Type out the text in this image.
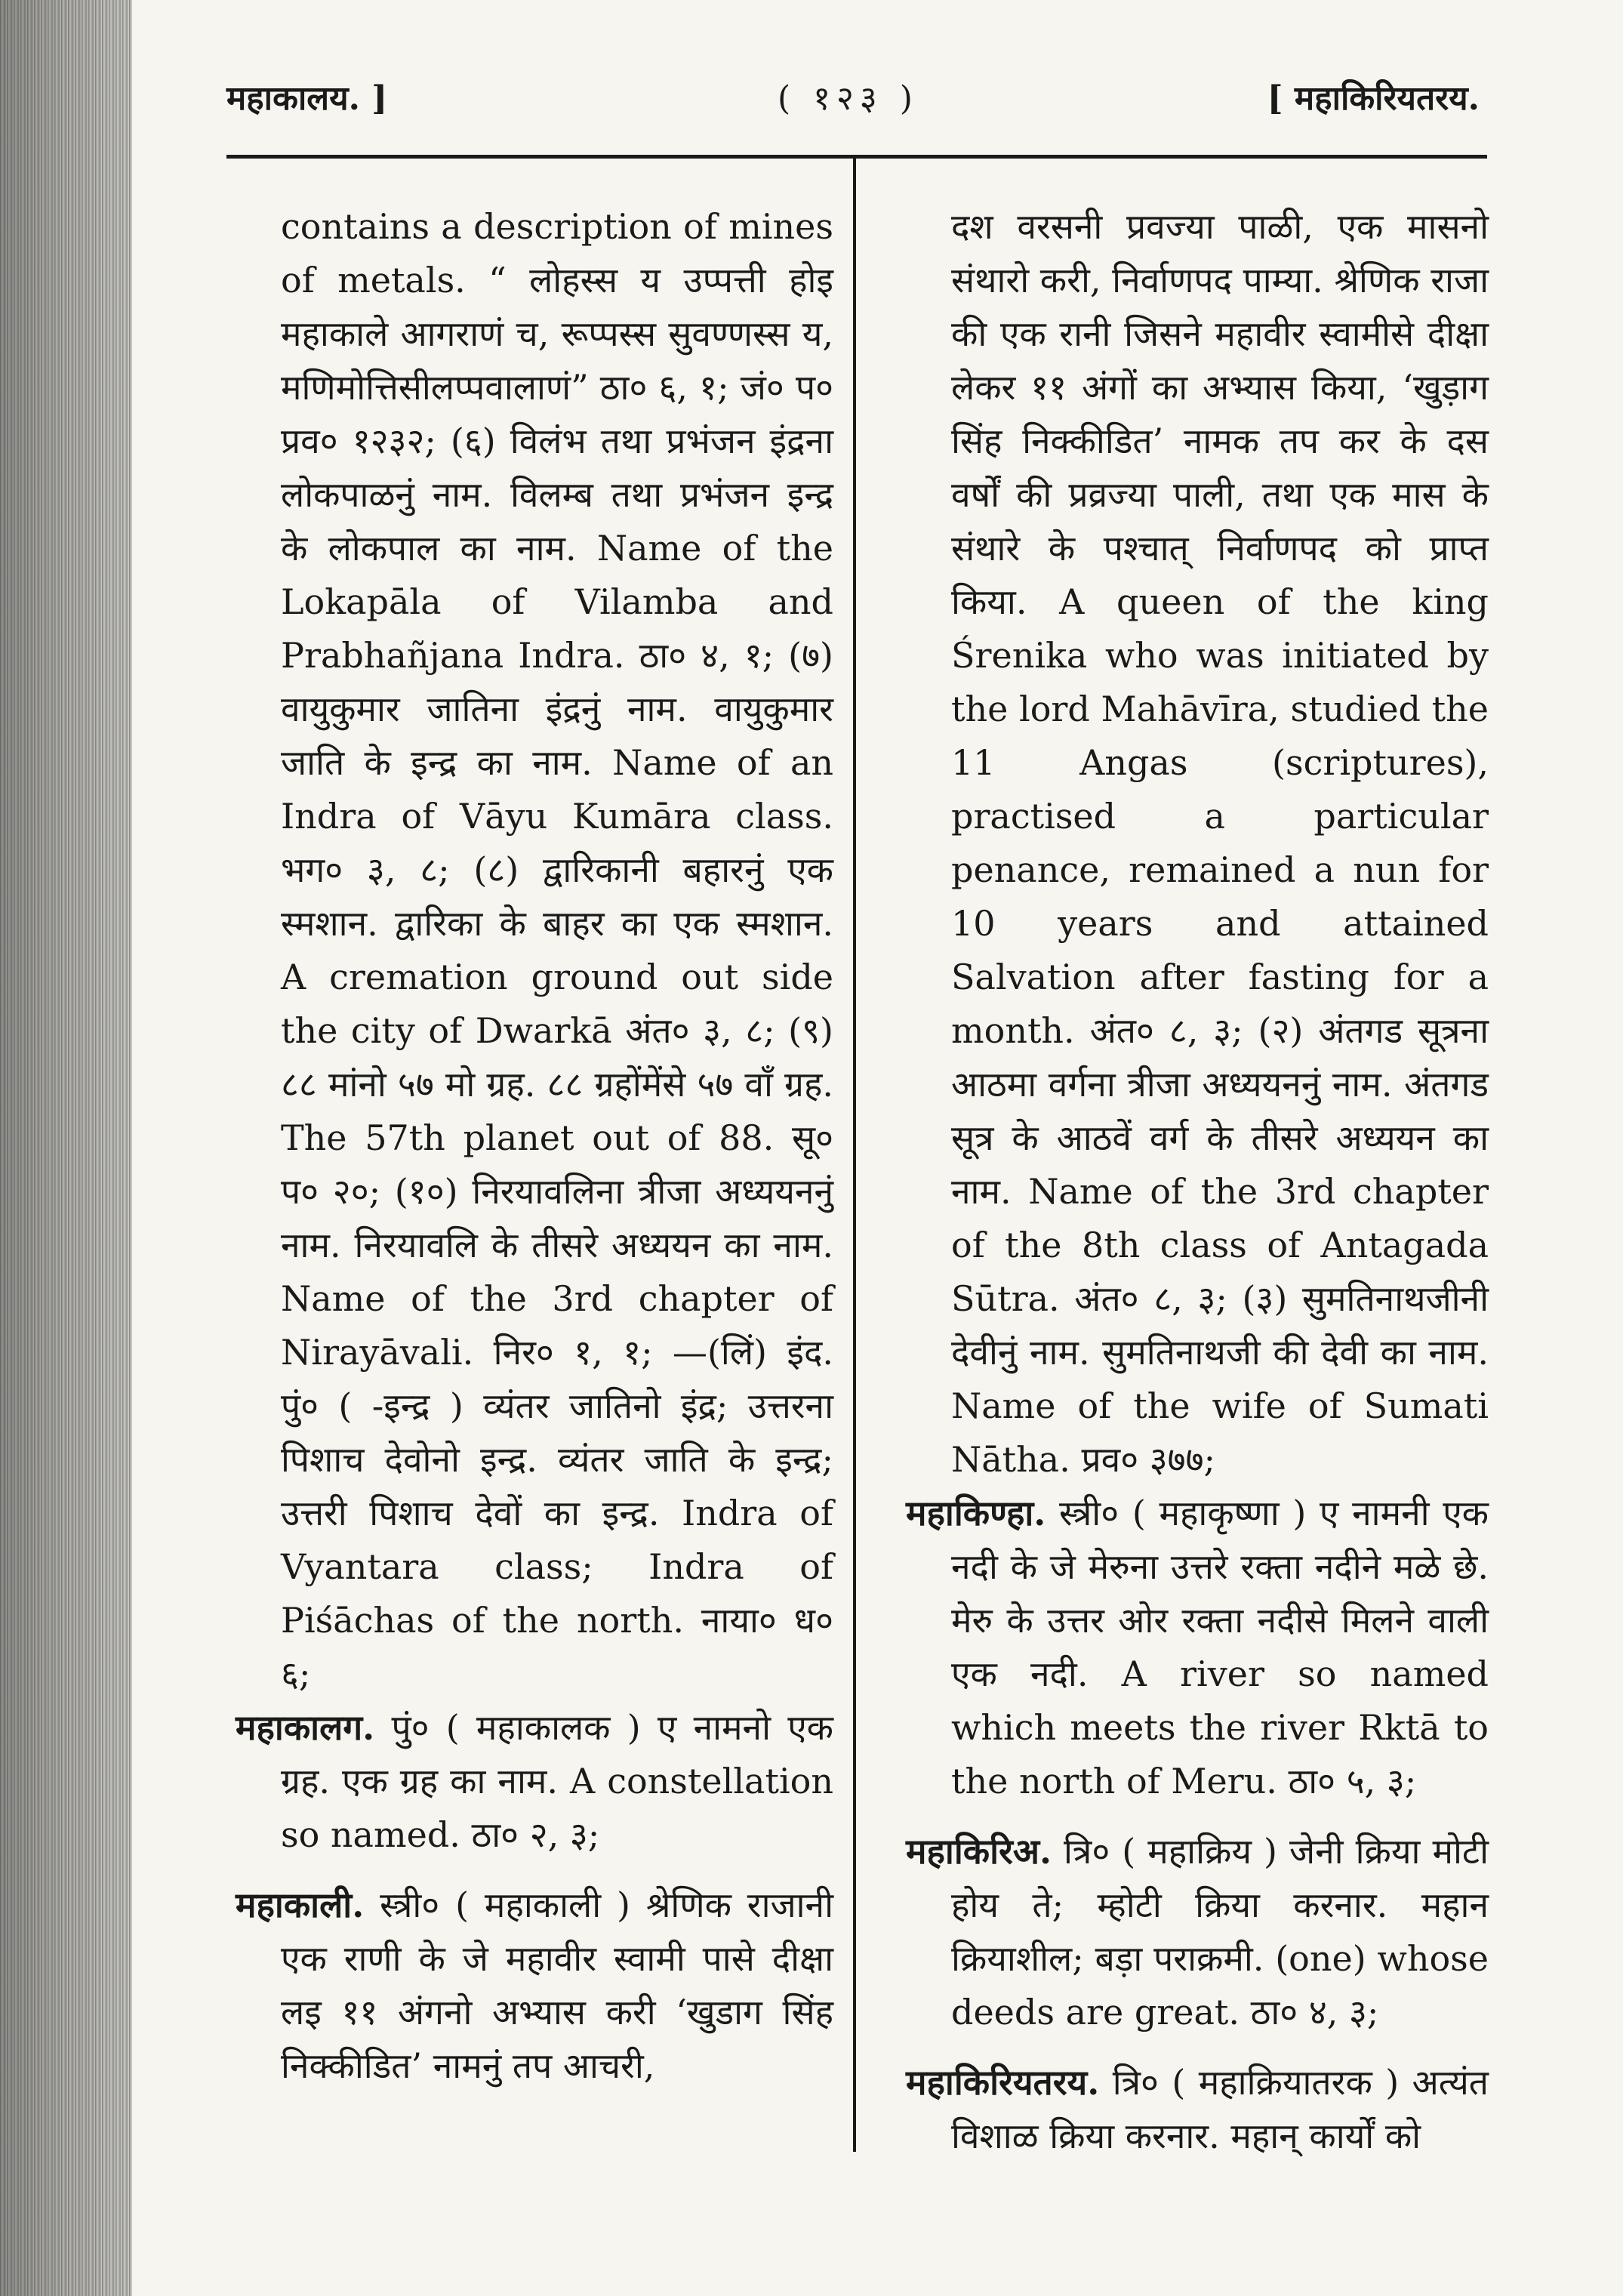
महाकालय. ]	( १२३ )	[ महाकिरियतरय.

contains a description of mines of metals. “ लोहस्स य उप्पत्ती होइ महाकाले आगराणं च, रूप्पस्स सुवण्णस्स य, मणिमोत्तिसीलप्पवालाणं” ठा० ६, १; जं० प० प्रव० १२३२; (६) विलंभ तथा प्रभंजन इंद्रना लोकपाळनुं नाम. विलम्ब तथा प्रभंजन इन्द्र के लोकपाल का नाम. Name of the Lokapāla of Vilamba and Prabhañjana Indra. ठा० ४, १; (७) वायुकुमार जातिना इंद्रनुं नाम. वायुकुमार जाति के इन्द्र का नाम. Name of an Indra of Vāyu Kumāra class. भग० ३, ८; (८) द्वारिकानी बहारनुं एक स्मशान. द्वारिका के बाहर का एक स्मशान. A cremation ground out side the city of Dwarkā अंत० ३, ८; (९) ८८ मांनो ५७ मो ग्रह. ८८ ग्रहोंमेंसे ५७ वाँ ग्रह. The 57th planet out of 88. सू० प० २०; (१०) निरयावलिना त्रीजा अध्ययननुं नाम. निरयावलि के तीसरे अध्ययन का नाम. Name of the 3rd chapter of Nirayāvali. निर० १, १; —(लिं) इंद. पुं० ( -इन्द्र ) व्यंतर जातिनो इंद्र; उत्तरना पिशाच देवोनो इन्द्र. व्यंतर जाति के इन्द्र; उत्तरी पिशाच देवों का इन्द्र. Indra of Vyantara class; Indra of Piśāchas of the north. नाया० ध० ६;

महाकालग. पुं० ( महाकालक ) ए नामनो एक ग्रह. एक ग्रह का नाम. A constellation so named. ठा० २, ३;
महाकाली. स्त्री० ( महाकाली ) श्रेणिक राजानी एक राणी के जे महावीर स्वामी पासे दीक्षा लइ ११ अंगनो अभ्यास करी ‘खुडाग सिंह निक्कीडित’ नामनुं तप आचरी,

दश वरसनी प्रवज्या पाळी, एक मासनो संथारो करी, निर्वाणपद पाम्या. श्रेणिक राजा की एक रानी जिसने महावीर स्वामीसे दीक्षा लेकर ११ अंगों का अभ्यास किया, ‘खुड़ाग सिंह निक्कीडित’ नामक तप कर के दस वर्षों की प्रव्रज्या पाली, तथा एक मास के संथारे के पश्चात् निर्वाणपद को प्राप्त किया. A queen of the king Śrenika who was initiated by the lord Mahāvīra, studied the 11 Angas (scriptures), practised a particular penance, remained a nun for 10 years and attained Salvation after fasting for a month. अंत० ८, ३; (२) अंतगड सूत्रना आठमा वर्गना त्रीजा अध्ययननुं नाम. अंतगड सूत्र के आठवें वर्ग के तीसरे अध्ययन का नाम. Name of the 3rd chapter of the 8th class of Antagada Sūtra. अंत० ८, ३; (३) सुमतिनाथजीनी देवीनुं नाम. सुमतिनाथजी की देवी का नाम. Name of the wife of Sumati Nātha. प्रव० ३७७;

महाकिण्हा. स्त्री० ( महाकृष्णा ) ए नामनी एक नदी के जे मेरुना उत्तरे रक्ता नदीने मळे छे. मेरु के उत्तर ओर रक्ता नदीसे मिलने वाली एक नदी. A river so named which meets the river Rktā to the north of Meru. ठा० ५, ३;
महाकिरिअ. त्रि० ( महाक्रिय ) जेनी क्रिया मोटी होय ते; म्होटी क्रिया करनार. महान क्रियाशील; बड़ा पराक्रमी. (one) whose deeds are great. ठा० ४, ३;
महाकिरियतरय. त्रि० ( महाक्रियातरक ) अत्यंत विशाळ क्रिया करनार. महान् कार्यों को
